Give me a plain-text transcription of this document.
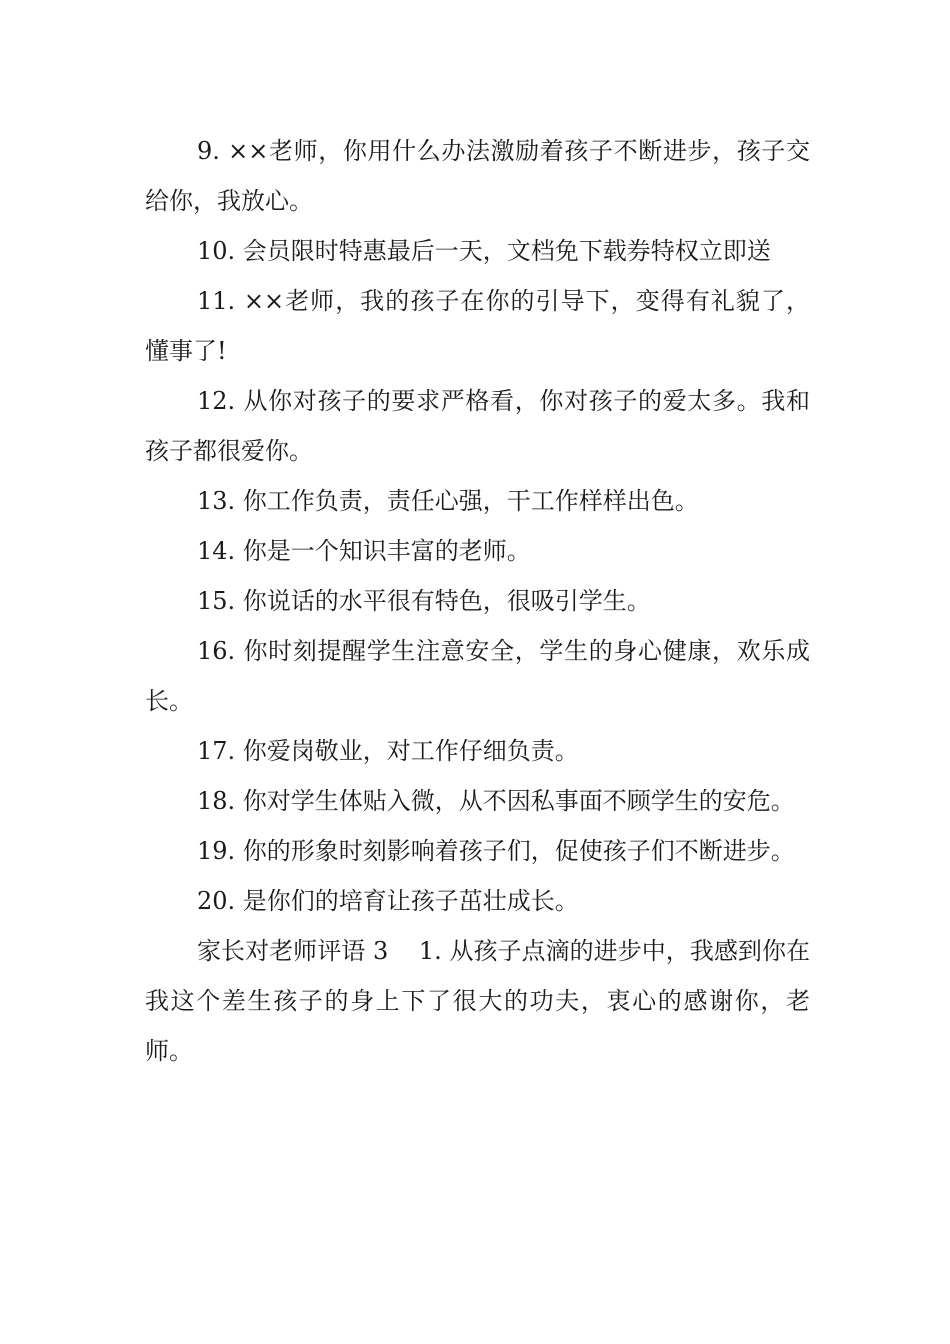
9. ××老师，你用什么办法激励着孩子不断进步，孩子交给你，我放心。

10. 会员限时特惠最后一天，文档免下载券特权立即送

11. ××老师，我的孩子在你的引导下，变得有礼貌了，懂事了!

12. 从你对孩子的要求严格看，你对孩子的爱太多。我和孩子都很爱你。

13. 你工作负责，责任心强，干工作样样出色。

14. 你是一个知识丰富的老师。

15. 你说话的水平很有特色，很吸引学生。

16. 你时刻提醒学生注意安全，学生的身心健康，欢乐成长。

17. 你爱岗敬业，对工作仔细负责。

18. 你对学生体贴入微，从不因私事面不顾学生的安危。

19. 你的形象时刻影响着孩子们，促使孩子们不断进步。

20. 是你们的培育让孩子茁壮成长。

家长对老师评语 3    1. 从孩子点滴的进步中，我感到你在我这个差生孩子的身上下了很大的功夫，衷心的感谢你，老师。
